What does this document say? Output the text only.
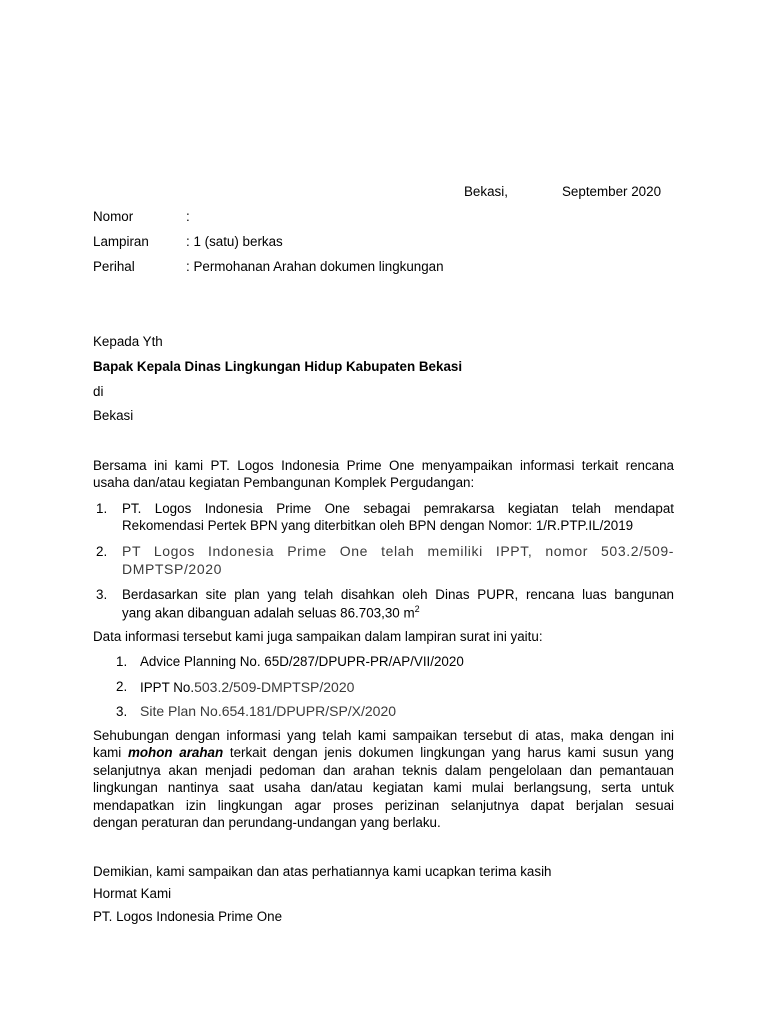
Bekasi,	September 2020
Nomor	:
Lampiran	: 1 (satu) berkas
Perihal	: Permohanan Arahan dokumen lingkungan
Kepada Yth
Bapak Kepala Dinas Lingkungan Hidup Kabupaten Bekasi
di
Bekasi
Bersama ini kami PT. Logos Indonesia Prime One menyampaikan informasi terkait rencana
usaha dan/atau kegiatan Pembangunan Komplek Pergudangan:
1. PT. Logos Indonesia Prime One sebagai pemrakarsa kegiatan telah mendapat
Rekomendasi Pertek BPN yang diterbitkan oleh BPN dengan Nomor: 1/R.PTP.IL/2019
2. PT Logos Indonesia Prime One telah memiliki IPPT, nomor 503.2/509-
DMPTSP/2020
3. Berdasarkan site plan yang telah disahkan oleh Dinas PUPR, rencana luas bangunan
yang akan dibanguan adalah seluas 86.703,30 $m^2$
Data informasi tersebut kami juga sampaikan dalam lampiran surat ini yaitu:
1. Advice Planning No. 65D/287/DPUPR-PR/AP/VII/2020
2. IPPT No.503.2/509-DMPTSP/2020
3. Site Plan No.654.181/DPUPR/SP/X/2020
Sehubungan dengan informasi yang telah kami sampaikan tersebut di atas, maka dengan ini
kami mohon arahan terkait dengan jenis dokumen lingkungan yang harus kami susun yang
selanjutnya akan menjadi pedoman dan arahan teknis dalam pengelolaan dan pemantauan
lingkungan nantinya saat usaha dan/atau kegiatan kami mulai berlangsung, serta untuk
mendapatkan izin lingkungan agar proses perizinan selanjutnya dapat berjalan sesuai
dengan peraturan dan perundang-undangan yang berlaku.
Demikian, kami sampaikan dan atas perhatiannya kami ucapkan terima kasih
Hormat Kami
PT. Logos Indonesia Prime One
